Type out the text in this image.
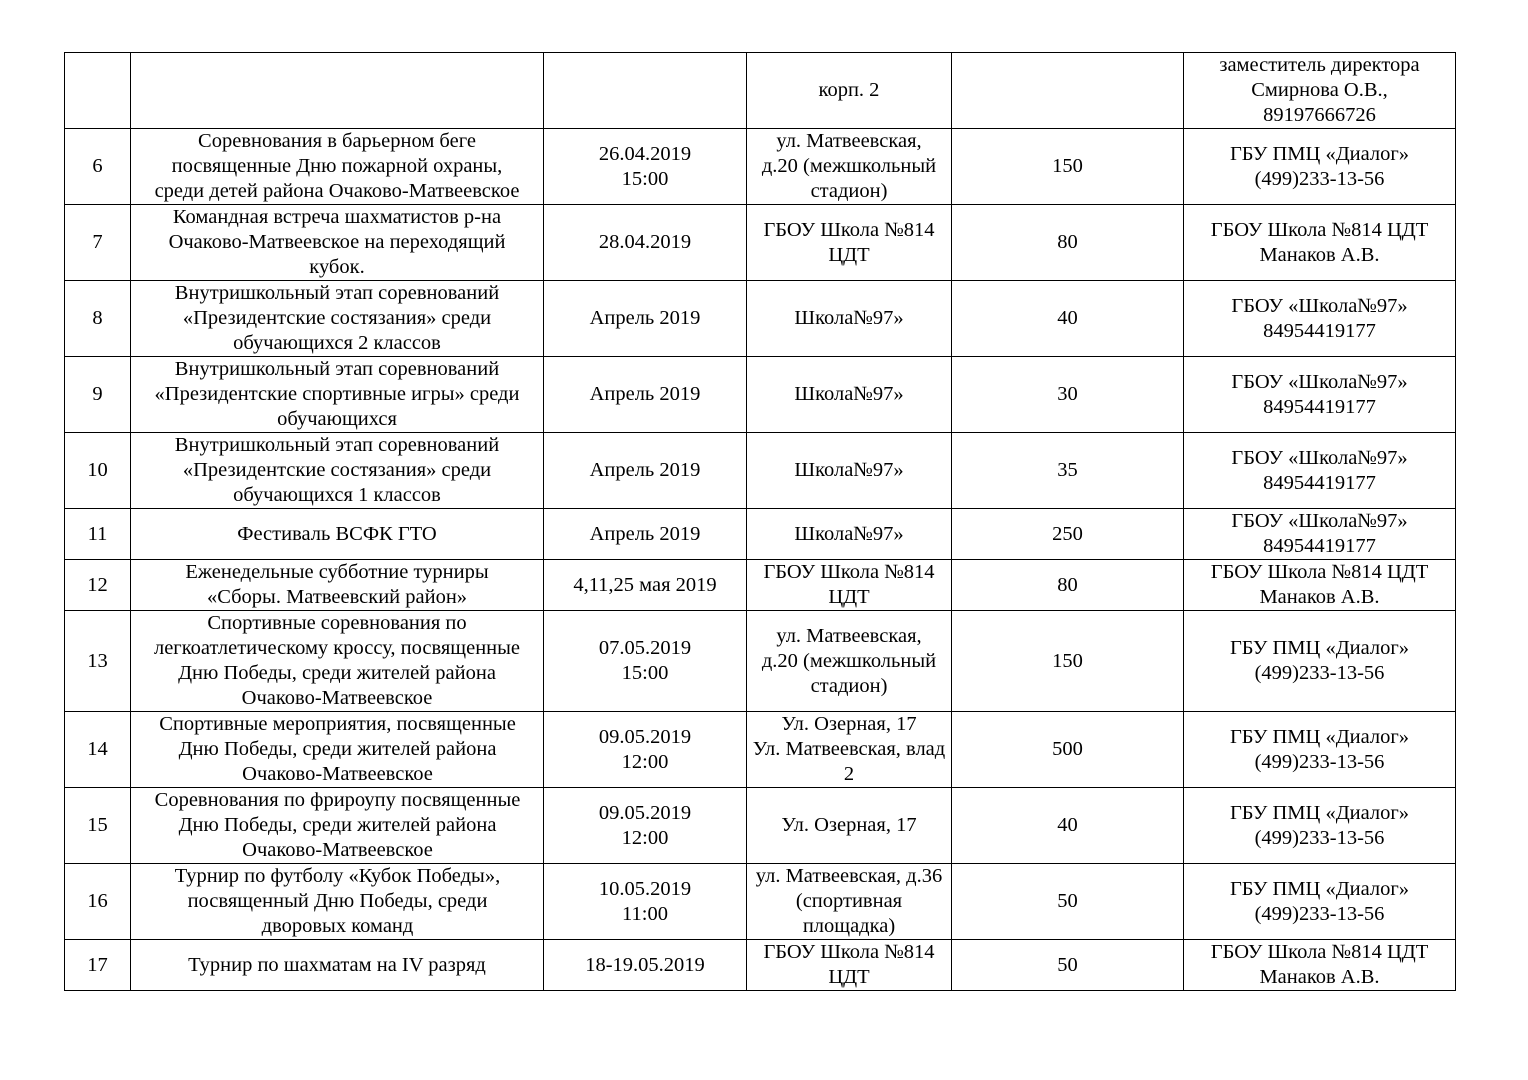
			корп. 2		заместитель директора
Смирнова О.В.,
89197666726
6	Соревнования в барьерном беге
посвященные Дню пожарной охраны,
среди детей района Очаково-Матвеевское	26.04.2019
15:00	ул. Матвеевская,
д.20 (межшкольный
стадион)	150	ГБУ ПМЦ «Диалог»
(499)233-13-56
7	Командная встреча шахматистов р-на
Очаково-Матвеевское на переходящий
кубок.	28.04.2019	ГБОУ Школа №814
ЦДТ	80	ГБОУ Школа №814 ЦДТ
Манаков А.В.
8	Внутришкольный этап соревнований
«Президентские состязания» среди
обучающихся 2 классов	Апрель 2019	Школа№97»	40	ГБОУ «Школа№97»
84954419177
9	Внутришкольный этап соревнований
«Президентские спортивные игры» среди
обучающихся	Апрель 2019	Школа№97»	30	ГБОУ «Школа№97»
84954419177
10	Внутришкольный этап соревнований
«Президентские состязания» среди
обучающихся 1 классов	Апрель 2019	Школа№97»	35	ГБОУ «Школа№97»
84954419177
11	Фестиваль ВСФК ГТО	Апрель 2019	Школа№97»	250	ГБОУ «Школа№97»
84954419177
12	Еженедельные субботние турниры
«Сборы. Матвеевский район»	4,11,25 мая 2019	ГБОУ Школа №814
ЦДТ	80	ГБОУ Школа №814 ЦДТ
Манаков А.В.
13	Спортивные соревнования по
легкоатлетическому кроссу, посвященные
Дню Победы, среди жителей района
Очаково-Матвеевское	07.05.2019
15:00	ул. Матвеевская,
д.20 (межшкольный
стадион)	150	ГБУ ПМЦ «Диалог»
(499)233-13-56
14	Спортивные мероприятия, посвященные
Дню Победы, среди жителей района
Очаково-Матвеевское	09.05.2019
12:00	Ул. Озерная, 17
Ул. Матвеевская, влад
2	500	ГБУ ПМЦ «Диалог»
(499)233-13-56
15	Соревнования по фрироупу посвященные
Дню Победы, среди жителей района
Очаково-Матвеевское	09.05.2019
12:00	Ул. Озерная, 17	40	ГБУ ПМЦ «Диалог»
(499)233-13-56
16	Турнир по футболу «Кубок Победы»,
посвященный Дню Победы, среди
дворовых команд	10.05.2019
11:00	ул. Матвеевская, д.36
(спортивная
площадка)	50	ГБУ ПМЦ «Диалог»
(499)233-13-56
17	Турнир по шахматам на IV разряд	18-19.05.2019	ГБОУ Школа №814
ЦДТ	50	ГБОУ Школа №814 ЦДТ
Манаков А.В.
